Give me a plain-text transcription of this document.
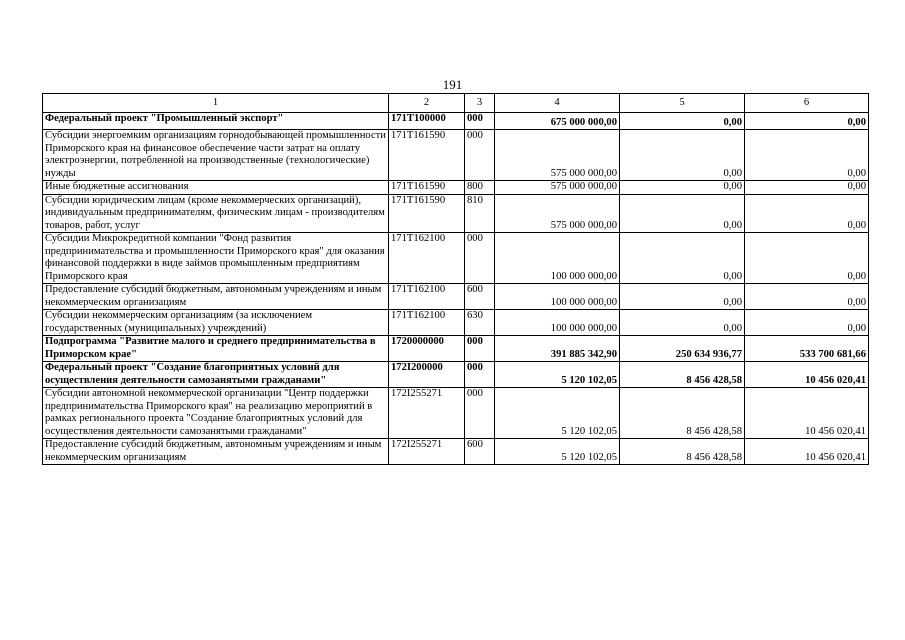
191
1	2	3	4	5	6
Федеральный проект "Промышленный экспорт"	171Т100000	000	675 000 000,00	0,00	0,00
Субсидии энергоемким организациям горнодобывающей промышленности Приморского края на финансовое обеспечение части затрат на оплату электроэнергии, потребленной на производственные (технологические) нужды	171Т161590	000	575 000 000,00	0,00	0,00
Иные бюджетные ассигнования	171Т161590	800	575 000 000,00	0,00	0,00
Субсидии юридическим лицам (кроме некоммерческих организаций), индивидуальным предпринимателям, физическим лицам - производителям товаров, работ, услуг	171Т161590	810	575 000 000,00	0,00	0,00
Субсидии Микрокредитной компании "Фонд развития предпринимательства и промышленности Приморского края" для оказания финансовой поддержки в виде займов промышленным предприятиям Приморского края	171Т162100	000	100 000 000,00	0,00	0,00
Предоставление субсидий бюджетным, автономным учреждениям и иным некоммерческим организациям	171Т162100	600	100 000 000,00	0,00	0,00
Субсидии некоммерческим организациям (за исключением государственных (муниципальных) учреждений)	171Т162100	630	100 000 000,00	0,00	0,00
Подпрограмма "Развитие малого и среднего предпринимательства в Приморском крае"	1720000000	000	391 885 342,90	250 634 936,77	533 700 681,66
Федеральный проект "Создание благоприятных условий для осуществления деятельности самозанятыми гражданами"	172I200000	000	5 120 102,05	8 456 428,58	10 456 020,41
Субсидии автономной некоммерческой организации "Центр поддержки предпринимательства Приморского края" на реализацию мероприятий в рамках регионального проекта "Создание благоприятных условий для осуществления деятельности самозанятыми гражданами"	172I255271	000	5 120 102,05	8 456 428,58	10 456 020,41
Предоставление субсидий бюджетным, автономным учреждениям и иным некоммерческим организациям	172I255271	600	5 120 102,05	8 456 428,58	10 456 020,41
